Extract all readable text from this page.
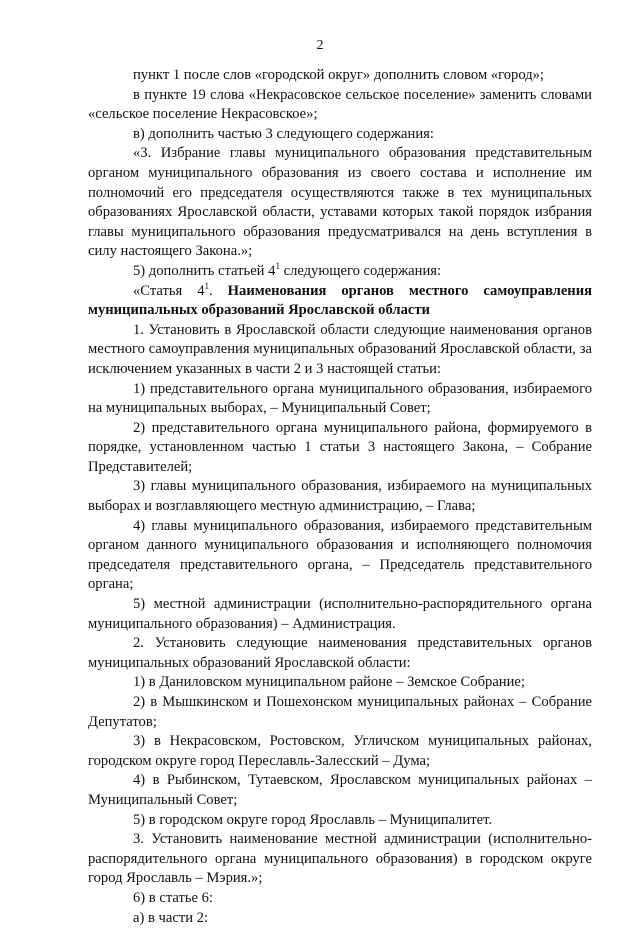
2

пункт 1 после слов «городской округ» дополнить словом «город»;

в пункте 19 слова «Некрасовское сельское поселение» заменить словами «сельское поселение Некрасовское»;

в) дополнить частью 3 следующего содержания:

«3. Избрание главы муниципального образования представительным органом муниципального образования из своего состава и исполнение им полномочий его председателя осуществляются также в тех муниципальных образованиях Ярославской области, уставами которых такой порядок избрания главы муниципального образования предусматривался на день вступления в силу настоящего Закона.»;

5) дополнить статьей $4^1$ следующего содержания:

«Статья $4^1$. Наименования органов местного самоуправления муниципальных образований Ярославской области

1. Установить в Ярославской области следующие наименования органов местного самоуправления муниципальных образований Ярославской области, за исключением указанных в части 2 и 3 настоящей статьи:

1) представительного органа муниципального образования, избираемого на муниципальных выборах, – Муниципальный Совет;

2) представительного органа муниципального района, формируемого в порядке, установленном частью 1 статьи 3 настоящего Закона, – Собрание Представителей;

3) главы муниципального образования, избираемого на муниципальных выборах и возглавляющего местную администрацию, – Глава;

4) главы муниципального образования, избираемого представительным органом данного муниципального образования и исполняющего полномочия председателя представительного органа, – Председатель представительного органа;

5) местной администрации (исполнительно-распорядительного органа муниципального образования) – Администрация.

2. Установить следующие наименования представительных органов муниципальных образований Ярославской области:

1) в Даниловском муниципальном районе – Земское Собрание;

2) в Мышкинском и Пошехонском муниципальных районах – Собрание Депутатов;

3) в Некрасовском, Ростовском, Угличском муниципальных районах, городском округе город Переславль-Залесский – Дума;

4) в Рыбинском, Тутаевском, Ярославском муниципальных районах – Муниципальный Совет;

5) в городском округе город Ярославль – Муниципалитет.

3. Установить наименование местной администрации (исполнительно-распорядительного органа муниципального образования) в городском округе город Ярославль – Мэрия.»;

6) в статье 6:

а) в части 2:
